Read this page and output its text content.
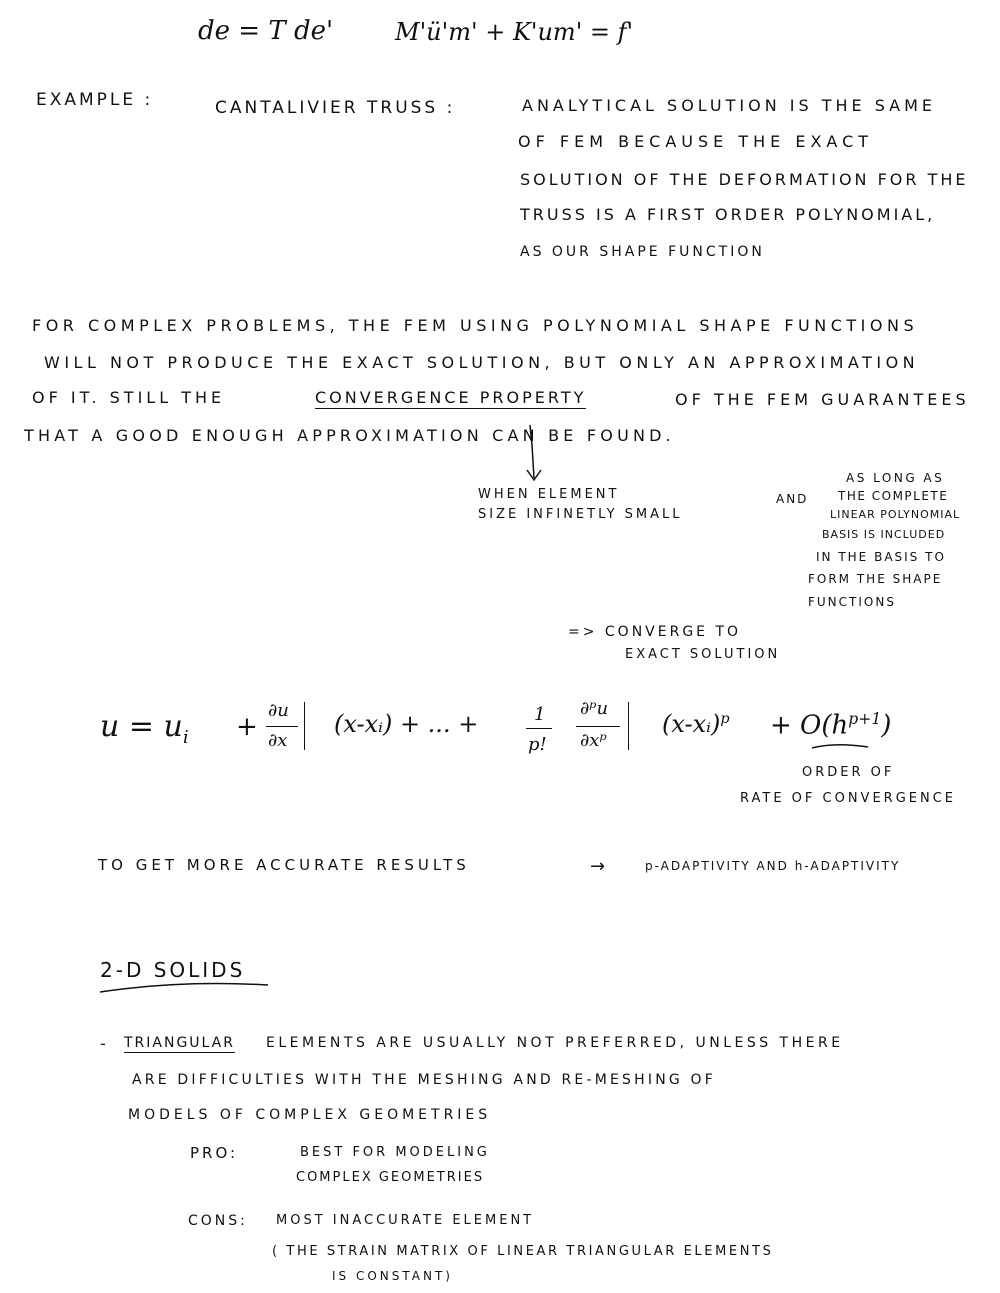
de = T de'	M'ü'm' + K'um' = f'
EXAMPLE :	CANTALIVIER TRUSS :	ANALYTICAL SOLUTION IS THE SAME
OF FEM BECAUSE THE EXACT
SOLUTION OF THE DEFORMATION FOR THE
TRUSS IS A FIRST ORDER POLYNOMIAL,
AS OUR SHAPE FUNCTION
FOR COMPLEX PROBLEMS, THE FEM USING POLYNOMIAL SHAPE FUNCTIONS
WILL NOT PRODUCE THE EXACT SOLUTION, BUT ONLY AN APPROXIMATION
OF IT. STILL THE	CONVERGENCE PROPERTY	OF THE FEM GUARANTEES
THAT A GOOD ENOUGH APPROXIMATION CAN BE FOUND.
WHEN ELEMENT
SIZE INFINETLY SMALL
AND
AS LONG AS
THE COMPLETE
LINEAR POLYNOMIAL
BASIS IS INCLUDED
IN THE BASIS TO
FORM THE SHAPE
FUNCTIONS
=> CONVERGE TO
EXACT SOLUTION
$u = u_i$ +
∂u
∂x
(x-xᵢ) + ... +	1
p!
∂ᵖu
∂xᵖ
(x-xᵢ)$^p$ + $O(h^{p+1})$
ORDER OF
RATE OF CONVERGENCE
TO GET MORE ACCURATE RESULTS	→	p-ADAPTIVITY AND h-ADAPTIVITY
2-D SOLIDS
- TRIANGULAR ELEMENTS ARE USUALLY NOT PREFERRED, UNLESS THERE
ARE DIFFICULTIES WITH THE MESHING AND RE-MESHING OF
MODELS OF COMPLEX GEOMETRIES
PRO:	BEST FOR MODELING
COMPLEX GEOMETRIES
CONS: MOST INACCURATE ELEMENT
( THE STRAIN MATRIX OF LINEAR TRIANGULAR ELEMENTS
IS CONSTANT)
